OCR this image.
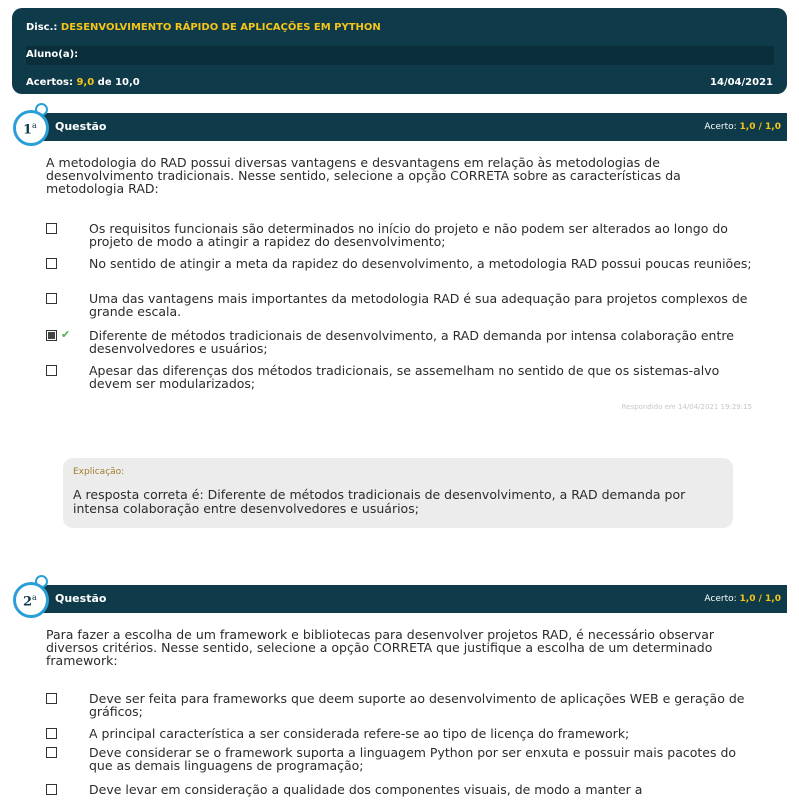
Disc.: DESENVOLVIMENTO RÁPIDO DE APLICAÇÕES EM PYTHON
Aluno(a):
Acertos: 9,0 de 10,0	14/04/2021
Questão	Acerto: 1,0 / 1,0
1$^a$
A metodologia do RAD possui diversas vantagens e desvantagens em relação às metodologias de desenvolvimento tradicionais. Nesse sentido, selecione a opção CORRETA sobre as características da metodologia RAD:
Os requisitos funcionais são determinados no início do projeto e não podem ser alterados ao longo do projeto de modo a atingir a rapidez do desenvolvimento;
No sentido de atingir a meta da rapidez do desenvolvimento, a metodologia RAD possui poucas reuniões;
Uma das vantagens mais importantes da metodologia RAD é sua adequação para projetos complexos de grande escala.
✔ Diferente de métodos tradicionais de desenvolvimento, a RAD demanda por intensa colaboração entre desenvolvedores e usuários;
Apesar das diferenças dos métodos tradicionais, se assemelham no sentido de que os sistemas-alvo devem ser modularizados;
Respondido em 14/04/2021 19:29:15
Explicação:
A resposta correta é: Diferente de métodos tradicionais de desenvolvimento, a RAD demanda por intensa colaboração entre desenvolvedores e usuários;
Questão	Acerto: 1,0 / 1,0
2$^a$
Para fazer a escolha de um framework e bibliotecas para desenvolver projetos RAD, é necessário observar diversos critérios. Nesse sentido, selecione a opção CORRETA que justifique a escolha de um determinado framework:
Deve ser feita para frameworks que deem suporte ao desenvolvimento de aplicações WEB e geração de gráficos;
A principal característica a ser considerada refere-se ao tipo de licença do framework;
Deve considerar se o framework suporta a linguagem Python por ser enxuta e possuir mais pacotes do que as demais linguagens de programação;
Deve levar em consideração a qualidade dos componentes visuais, de modo a manter a
